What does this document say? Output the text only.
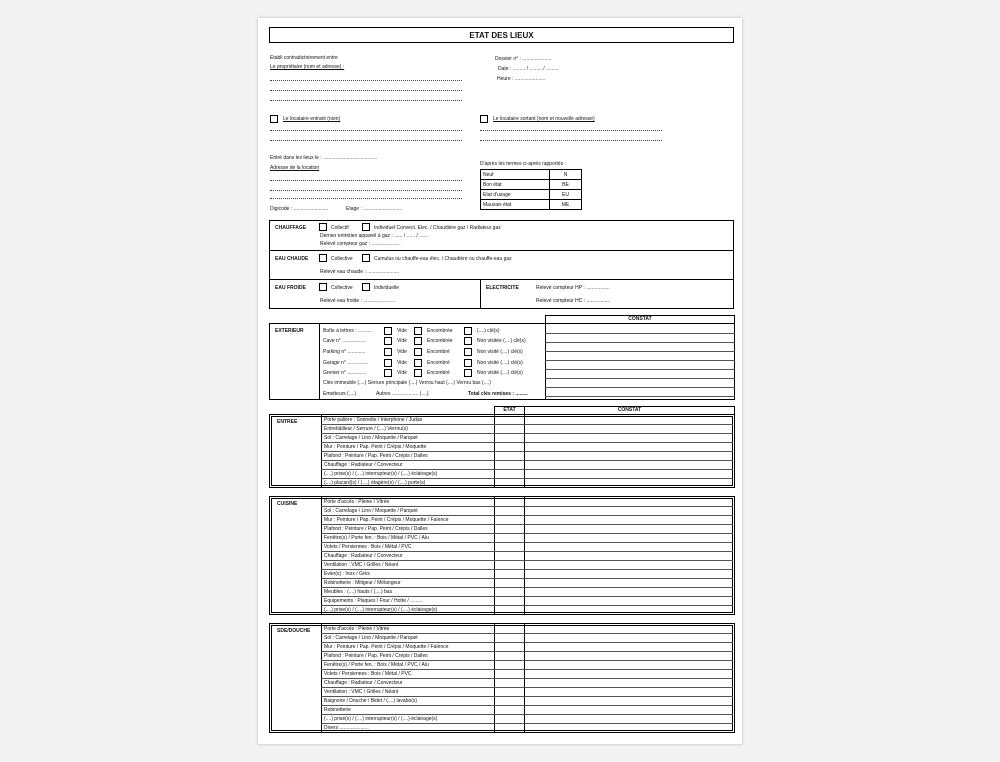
ETAT DES LIEUX
Etabli contradictoirement entre
Le propriétaire (nom et adresse) :
Dossier n° : .....................
Date : ......... / ......... / .........
Heure : ......................
Le locataire entrant (nom)	Le locataire sortant (nom et nouvelle adresse)
Entré dans les lieux le : .......................................
Adresse de la location
Digicode : .........................	Etage : ............................
D'après les termes ci-après rapportés :
Neuf	N
Bon état	BE
Etat d'usage	EU
Mauvais état	ME
CHAUFFAGE	Collectif	Individuel Convect. Elec. / Chaudière gaz / Radiateur gaz
Dernier entretien appareil à gaz : ...... / ...... / ......
Relevé compteur gaz : .....................
EAU CHAUDE	Collective	Cumulus ou chauffe-eau élec. / Chaudière ou chauffe-eau gaz
Relevé eau chaude : .......................
EAU FROIDE	Collective	Individuelle
Relevé eau froide : .......................
ELECTRICITE	Relevé compteur HP : .................
Relevé compteur HC : .................
CONSTAT
EXTERIEUR
Clés immeuble (....) Serrure principale (....) Verrou haut (....) Verrou bas (....)
Emetteurs (....)	Autres ................... (....)	Total clés remises : .........
Boîte à lettres : ..........	Vide	Encombrée	(....) clé(s)
Cave n° .................	Vide	Encombrée	Non visitée (....) clé(s)
Parking n° .............	Vide	Encombré	Non visité (....) clé(s)
Garage n° ...............	Vide	Encombré	Non visité (....) clé(s)
Grenier n° ..............	Vide	Encombré	Non visité (....) clé(s)
ETAT	CONSTAT
ENTREE	Porte palière : Sonnette / Interphone / Judas
Entrebâilleur / Serrure / (....) Verrou(s)
Sol : Carrelage / Lino / Moquette / Parquet
Mur : Peinture / Pap. Peint / Crépis / Moquette
Plafond : Peinture / Pap. Peint / Crépis / Dalles
Chauffage : Radiateur / Convecteur
(....) prise(s) / (....) interrupteur(s) / (....) éclairage(s)
(....) placard(s) / (....) étagère(s) / (....) porte(s)
CUISINE	Porte d'accès : Pleine / Vitrée
Sol : Carrelage / Lino / Moquette / Parquet
Mur : Peinture / Pap. Peint / Crépis / Moquette / Faïence
Plafond : Peinture / Pap. Peint / Crépis / Dalles
Fenêtre(s) / Porte fen. : Bois / Métal / PVC / Alu
Volets / Persiennes : Bois / Métal / PVC
Chauffage : Radiateur / Convecteur
Ventilation : VMC / Grilles / Néant
Evier(s) : Inox / Grès
Robinetterie : Mitigeur / Mélangeur
Meubles : (....) hauts / (....) bas
Equipements : Plaques / Four / Hotte / .........
(....) prise(s) / (....) interrupteur(s) / (....) éclairage(s)
SDE/DOUCHE	Porte d'accès : Pleine / Vitrée
Sol : Carrelage / Lino / Moquette / Parquet
Mur : Peinture / Pap. Peint / Crépis / Moquette / Faïence
Plafond : Peinture / Pap. Peint / Crépis / Dalles
Fenêtre(s) / Porte fen. : Bois / Métal / PVC / Alu
Volets / Persiennes : Bois / Métal / PVC
Chauffage : Radiateur / Convecteur
Ventilation : VMC / Grilles / Néant
Baignoire / Douche / Bidet / (....) lavabo(s)
Robinetterie
(....) prise(s) / (....) interrupteur(s) / (....) éclairage(s)
Divers .....................
